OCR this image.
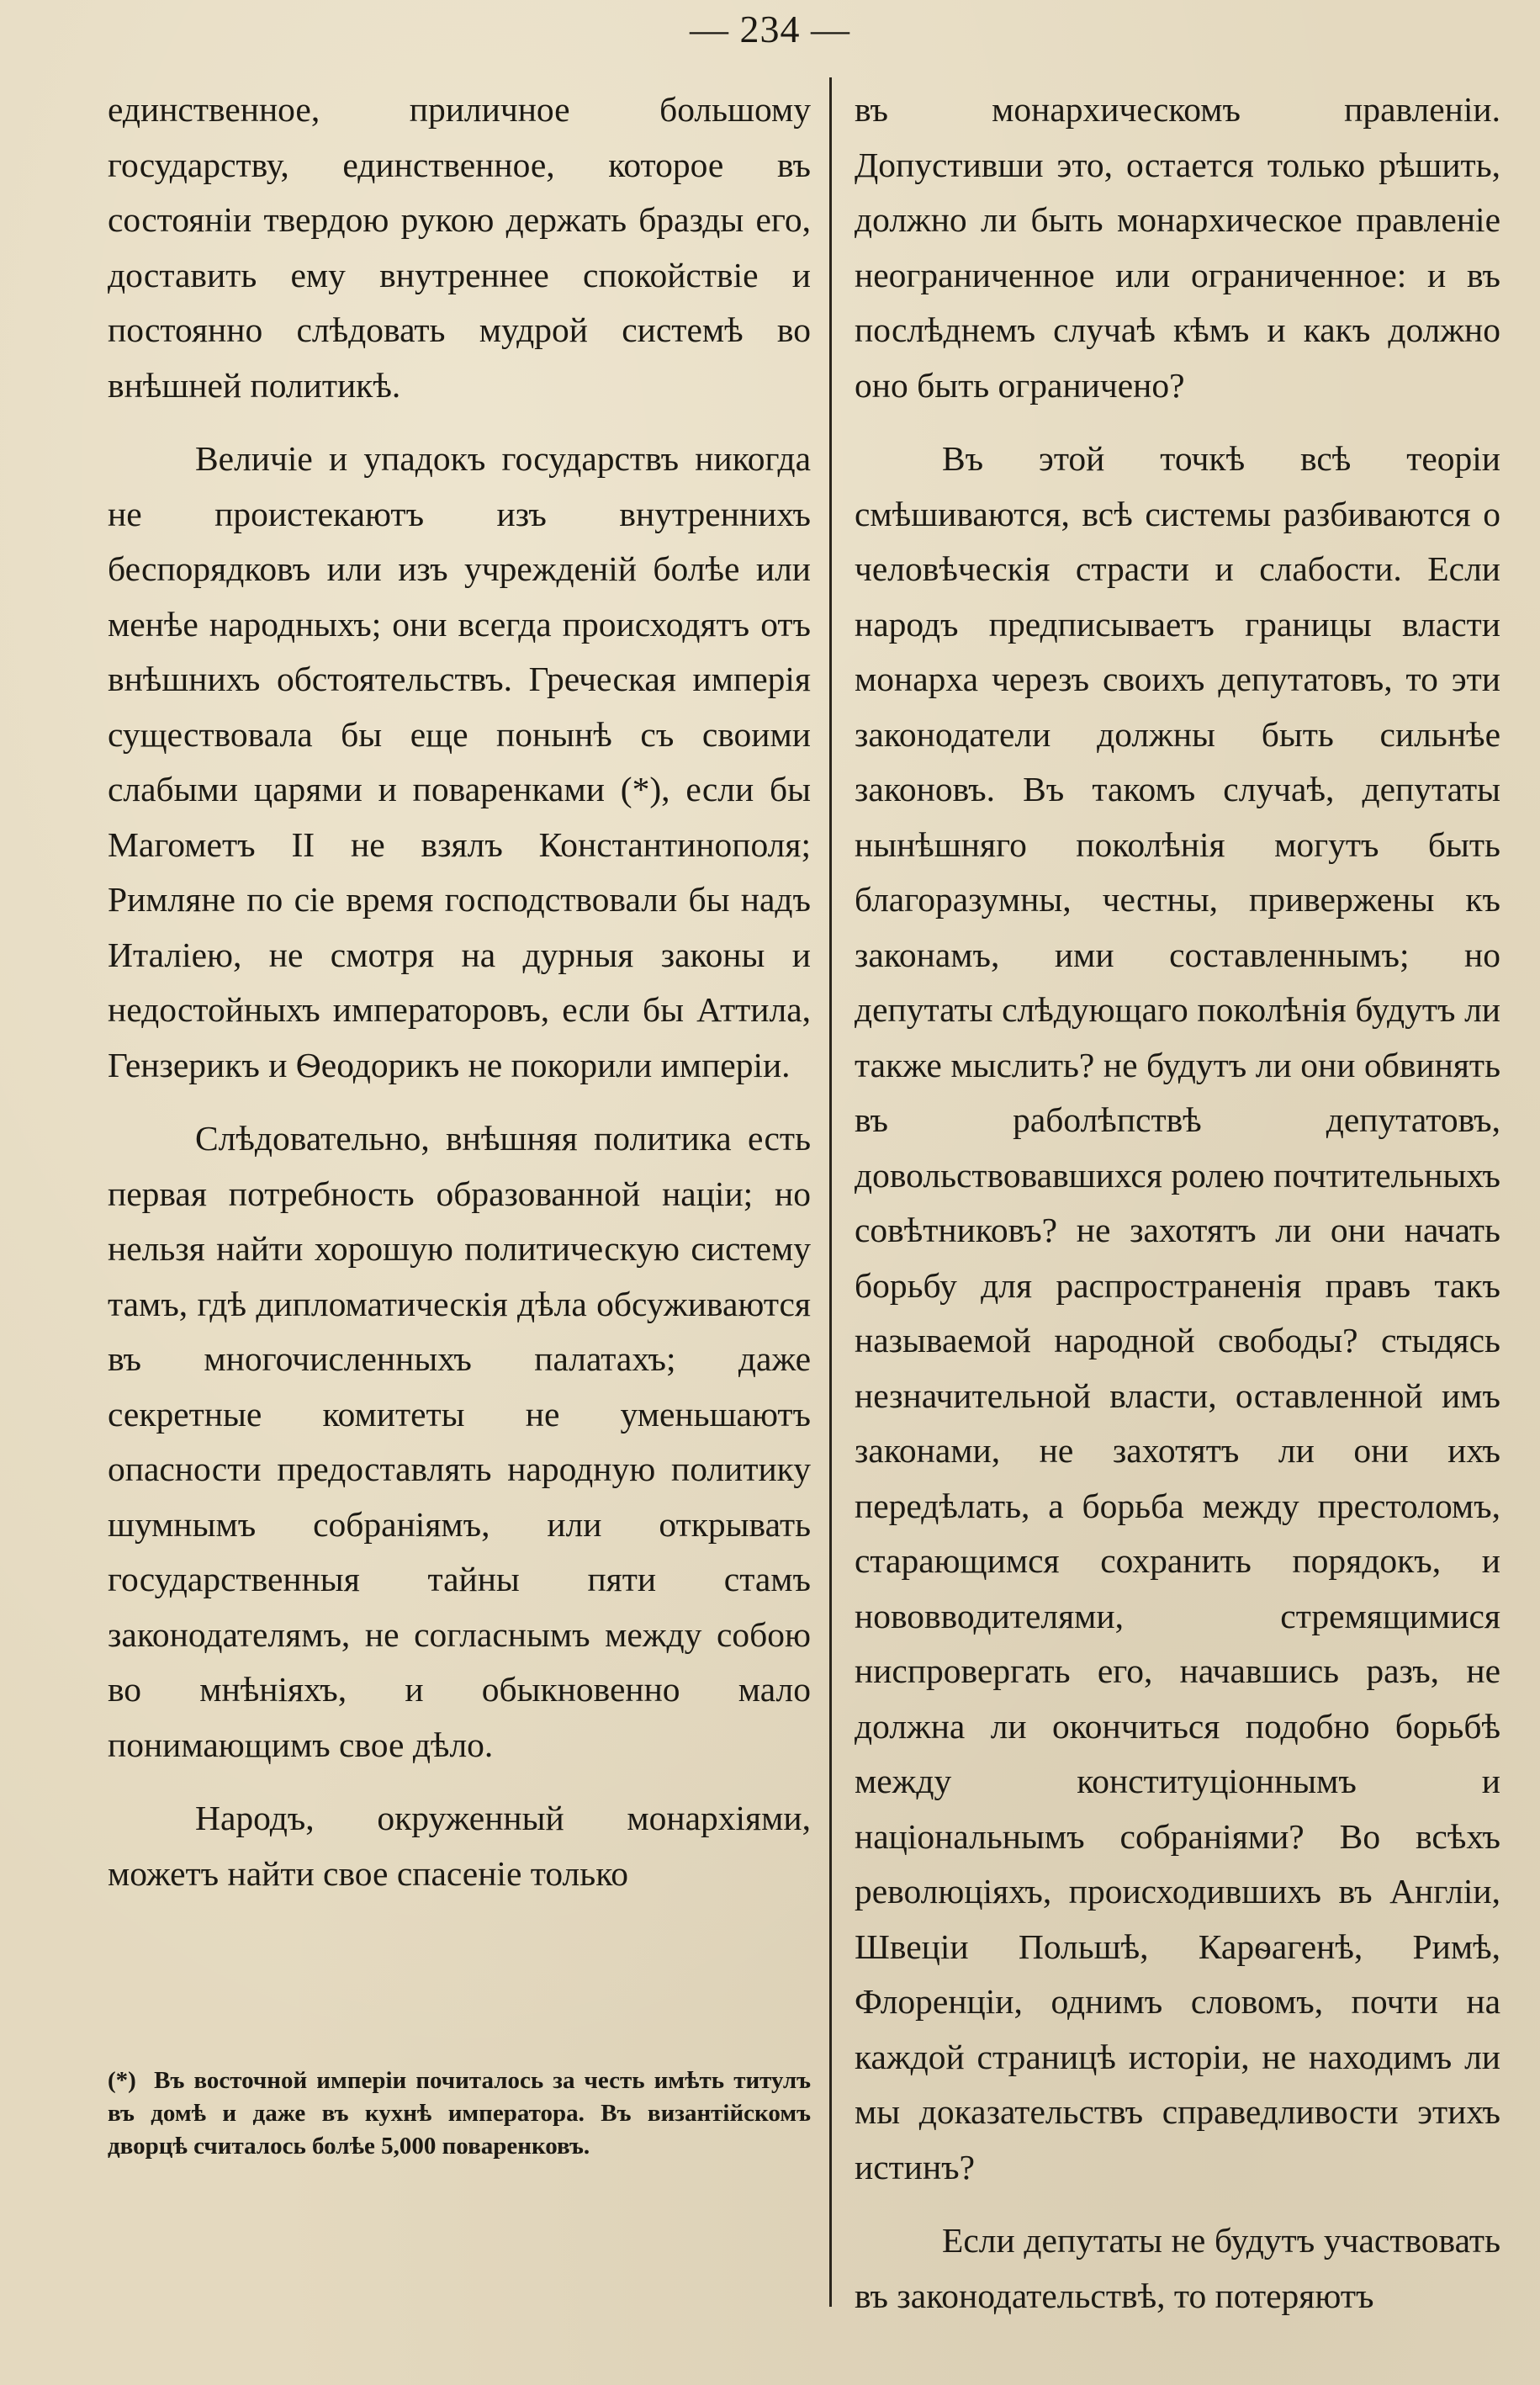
— 234 —

единственное, приличное большому государству, единственное, которое въ состояніи твердою рукою держать бразды его, доставить ему внутреннее спокойствіе и постоянно слѣдовать мудрой системѣ во внѣшней политикѣ.

Величіе и упадокъ государствъ никогда не проистекаютъ изъ внутреннихъ беспорядковъ или изъ учрежденій болѣе или менѣе народныхъ; они всегда происходятъ отъ внѣшнихъ обстоятельствъ. Греческая имперія существовала бы еще понынѣ съ своими слабыми царями и поваренками (*), если бы Магометъ II не взялъ Константинополя; Римляне по сіе время господствовали бы надъ Италіею, не смотря на дурныя законы и недостойныхъ императоровъ, если бы Аттила, Гензерикъ и Ѳеодорикъ не покорили имперіи.

Слѣдовательно, внѣшняя политика есть первая потребность образованной націи; но нельзя найти хорошую политическую систему тамъ, гдѣ дипломатическія дѣла обсуживаются въ многочисленныхъ палатахъ; даже секретные комитеты не уменьшаютъ опасности предоставлять народную политику шумнымъ собраніямъ, или открывать государственныя тайны пяти стамъ законодателямъ, не согласнымъ между собою во мнѣніяхъ, и обыкновенно мало понимающимъ свое дѣло.

Народъ, окруженный монархіями, можетъ найти свое спасеніе только

(*) Въ восточной имперіи почиталось за честь имѣть титулъ въ домѣ и даже въ кухнѣ императора. Въ византійскомъ дворцѣ считалось болѣе 5,000 поваренковъ.

въ монархическомъ правленіи. Допустивши это, остается только рѣшить, должно ли быть монархическое правленіе неограниченное или ограниченное: и въ послѣднемъ случаѣ кѣмъ и какъ должно оно быть ограничено?

Въ этой точкѣ всѣ теоріи смѣшиваются, всѣ системы разбиваются о человѣческія страсти и слабости. Если народъ предписываетъ границы власти монарха черезъ своихъ депутатовъ, то эти законодатели должны быть сильнѣе законовъ. Въ такомъ случаѣ, депутаты нынѣшняго поколѣнія могутъ быть благоразумны, честны, привержены къ законамъ, ими составленнымъ; но депутаты слѣдующаго поколѣнія будутъ ли также мыслить? не будутъ ли они обвинять въ раболѣпствѣ депутатовъ, довольствовавшихся ролею почтительныхъ совѣтниковъ? не захотятъ ли они начать борьбу для распространенія правъ такъ называемой народной свободы? стыдясь незначительной власти, оставленной имъ законами, не захотятъ ли они ихъ передѣлать, а борьба между престоломъ, старающимся сохранить порядокъ, и нововводителями, стремящимися ниспровергать его, начавшись разъ, не должна ли окончиться подобно борьбѣ между конституціоннымъ и національнымъ собраніями? Во всѣхъ революціяхъ, происходившихъ въ Англіи, Швеціи Польшѣ, Карѳагенѣ, Римѣ, Флоренціи, однимъ словомъ, почти на каждой страницѣ исторіи, не находимъ ли мы доказательствъ справедливости этихъ истинъ?

Если депутаты не будутъ участвовать въ законодательствѣ, то потеряютъ
